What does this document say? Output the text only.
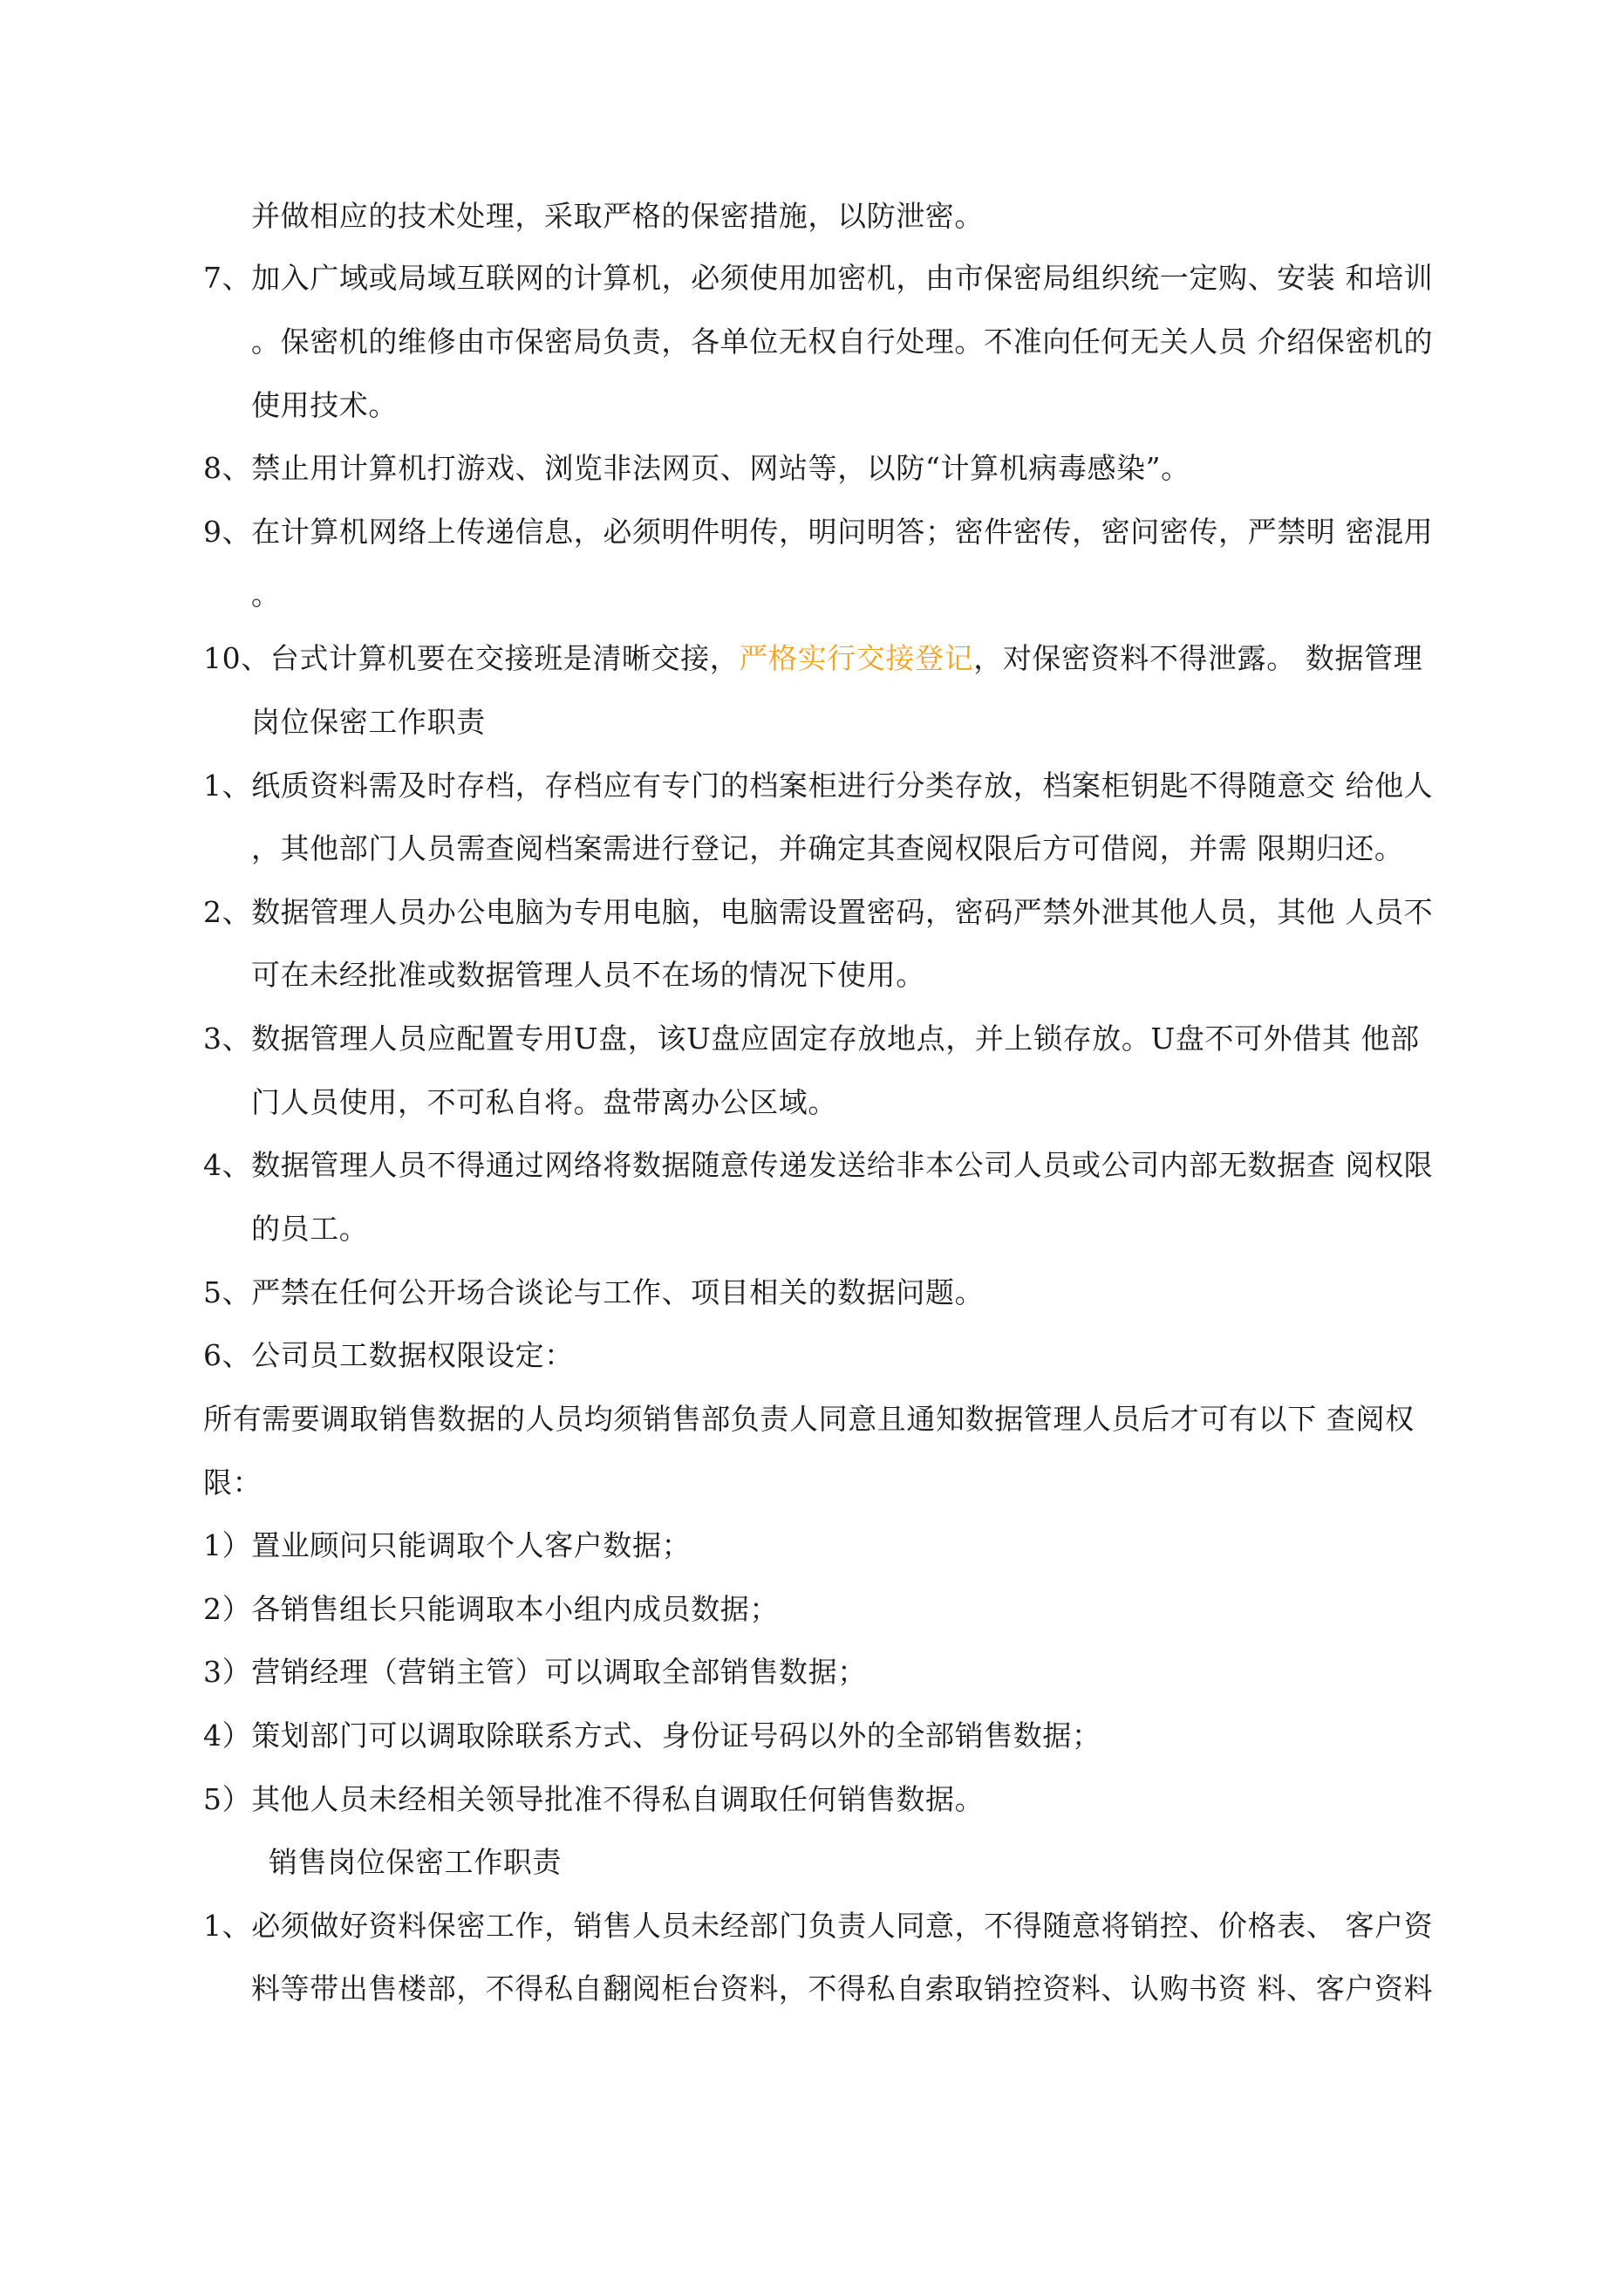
并做相应的技术处理，采取严格的保密措施，以防泄密。
7、加入广域或局域互联网的计算机，必须使用加密机，由市保密局组织统一定购、安装 和培训
。保密机的维修由市保密局负责，各单位无权自行处理。不准向任何无关人员 介绍保密机的
使用技术。
8、禁止用计算机打游戏、浏览非法网页、网站等，以防“计算机病毒感染”。
9、在计算机网络上传递信息，必须明件明传，明问明答；密件密传，密问密传，严禁明 密混用
。
10、台式计算机要在交接班是清晰交接，严格实行交接登记，对保密资料不得泄露。 数据管理
岗位保密工作职责
1、纸质资料需及时存档，存档应有专门的档案柜进行分类存放，档案柜钥匙不得随意交 给他人
，其他部门人员需查阅档案需进行登记，并确定其查阅权限后方可借阅，并需 限期归还。
2、数据管理人员办公电脑为专用电脑，电脑需设置密码，密码严禁外泄其他人员，其他 人员不
可在未经批准或数据管理人员不在场的情况下使用。
3、数据管理人员应配置专用U盘，该U盘应固定存放地点，并上锁存放。U盘不可外借其 他部
门人员使用，不可私自将。盘带离办公区域。
4、数据管理人员不得通过网络将数据随意传递发送给非本公司人员或公司内部无数据查 阅权限
的员工。
5、严禁在任何公开场合谈论与工作、项目相关的数据问题。
6、公司员工数据权限设定：
所有需要调取销售数据的人员均须销售部负责人同意且通知数据管理人员后才可有以下 查阅权
限：
1）置业顾问只能调取个人客户数据；
2）各销售组长只能调取本小组内成员数据；
3）营销经理（营销主管）可以调取全部销售数据；
4）策划部门可以调取除联系方式、身份证号码以外的全部销售数据；
5）其他人员未经相关领导批准不得私自调取任何销售数据。
销售岗位保密工作职责
1、必须做好资料保密工作，销售人员未经部门负责人同意，不得随意将销控、价格表、 客户资
料等带出售楼部，不得私自翻阅柜台资料，不得私自索取销控资料、认购书资 料、客户资料
